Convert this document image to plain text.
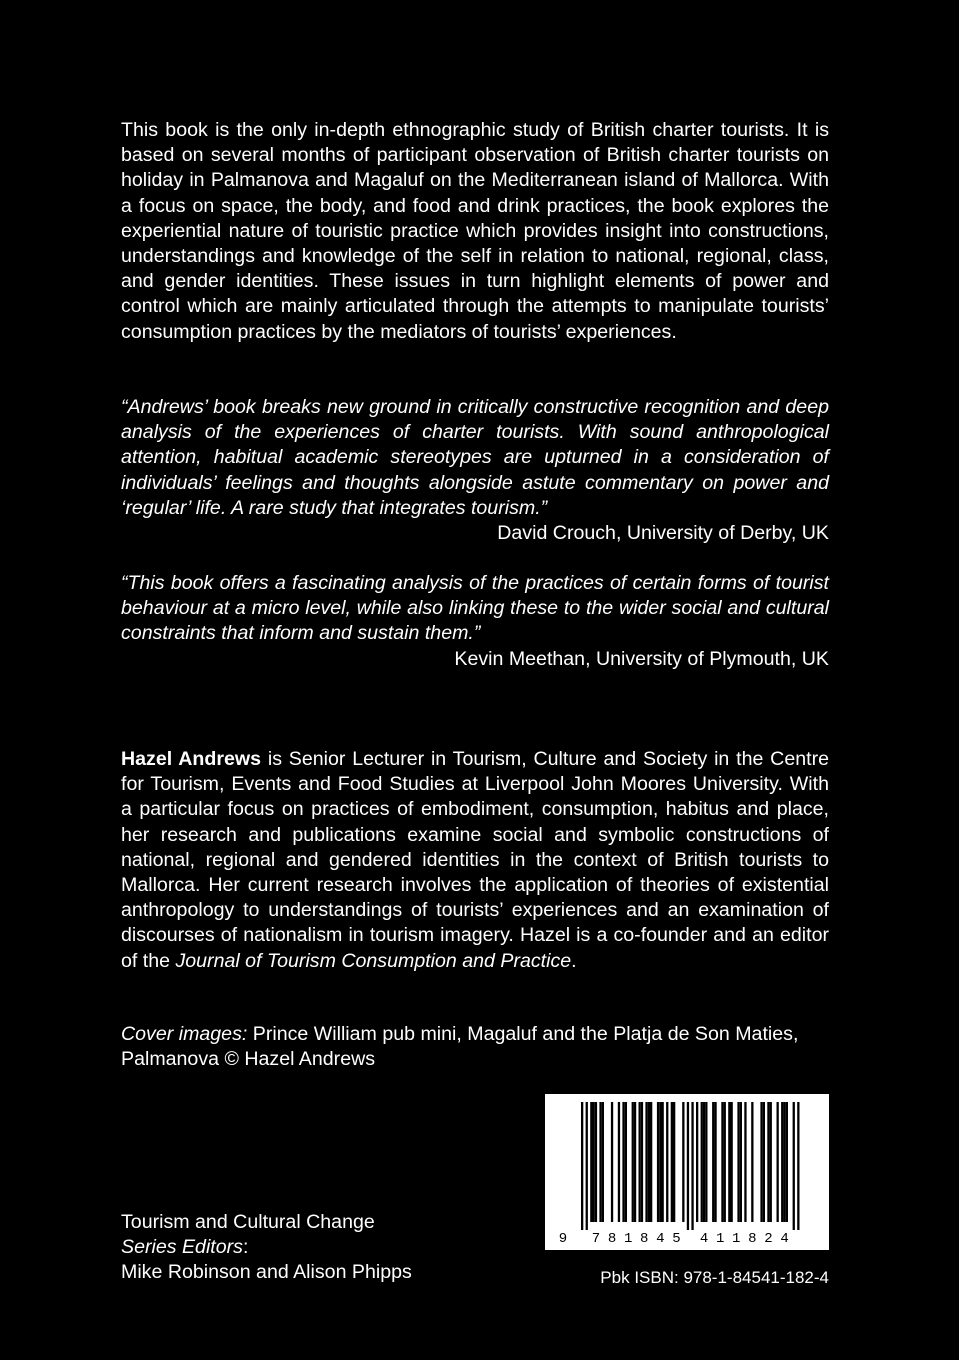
This book is the only in-depth ethnographic study of British charter tourists. It is based on several months of participant observation of British charter tourists on holiday in Palmanova and Magaluf on the Mediterranean island of Mallorca. With a focus on space, the body, and food and drink practices, the book explores the experiential nature of touristic practice which provides insight into constructions, understandings and knowledge of the self in relation to national, regional, class, and gender identities. These issues in turn highlight elements of power and control which are mainly articulated through the attempts to manipulate tourists’ consumption practices by the mediators of tourists’ experiences.

“Andrews’ book breaks new ground in critically constructive recognition and deep analysis of the experiences of charter tourists. With sound anthropological attention, habitual academic stereotypes are upturned in a consideration of individuals’ feelings and thoughts alongside astute commentary on power and ‘regular’ life. A rare study that integrates tourism.”

David Crouch, University of Derby, UK

“This book offers a fascinating analysis of the practices of certain forms of tourist behaviour at a micro level, while also linking these to the wider social and cultural constraints that inform and sustain them.”

Kevin Meethan, University of Plymouth, UK

Hazel Andrews is Senior Lecturer in Tourism, Culture and Society in the Centre for Tourism, Events and Food Studies at Liverpool John Moores University. With a particular focus on practices of embodiment, consumption, habitus and place, her research and publications examine social and symbolic constructions of national, regional and gendered identities in the context of British tourists to Mallorca. Her current research involves the application of theories of existential anthropology to understandings of tourists’ experiences and an examination of discourses of nationalism in tourism imagery. Hazel is a co-founder and an editor of the Journal of Tourism Consumption and Practice.

Cover images: Prince William pub mini, Magaluf and the Platja de Son Maties, Palmanova © Hazel Andrews

Tourism and Cultural Change
Series Editors:
Mike Robinson and Alison Phipps
9 7 8 1 8 4 5 4 1 1 8 2 4
Pbk ISBN: 978-1-84541-182-4
